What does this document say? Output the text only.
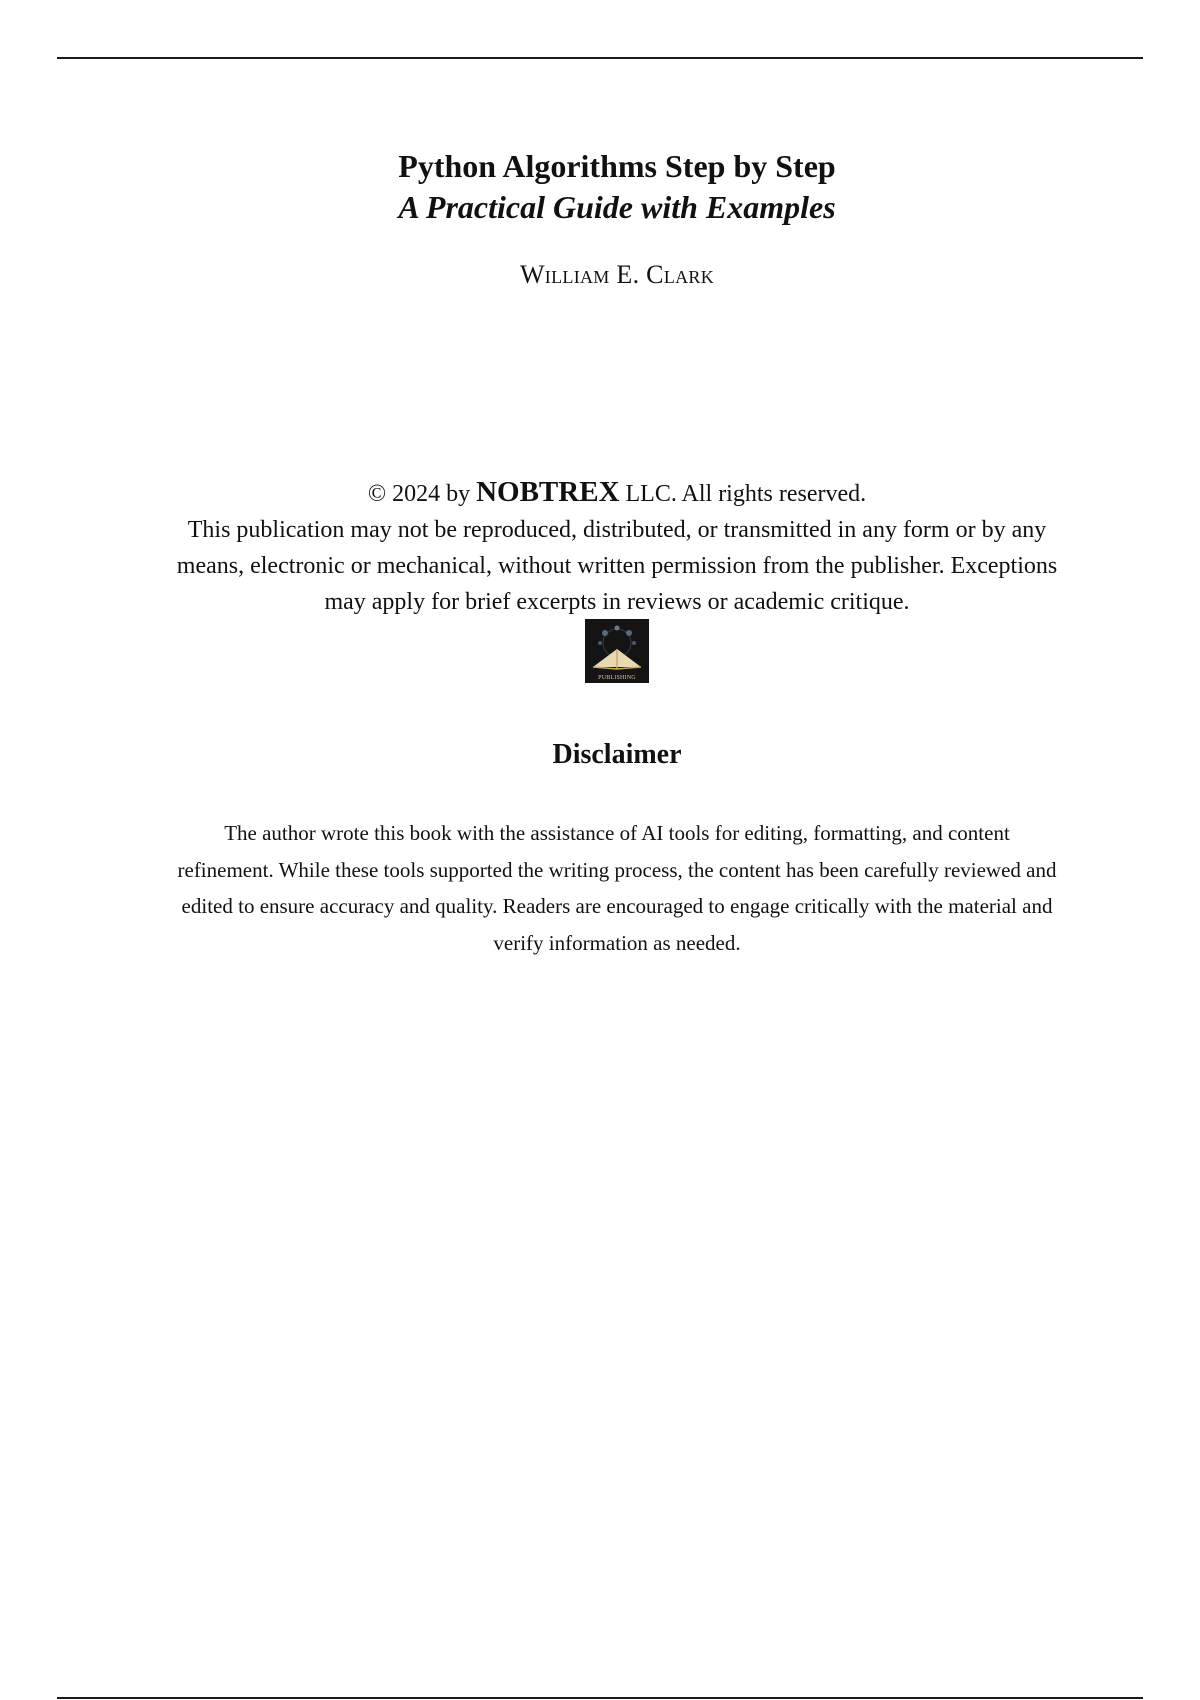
Python Algorithms Step by Step
A Practical Guide with Examples
William E. Clark
© 2024 by NOBTREX LLC. All rights reserved.
This publication may not be reproduced, distributed, or transmitted in any form or by any means, electronic or mechanical, without written permission from the publisher. Exceptions may apply for brief excerpts in reviews or academic critique.
PUBLISHING
Disclaimer

The author wrote this book with the assistance of AI tools for editing, formatting, and content refinement. While these tools supported the writing process, the content has been carefully reviewed and edited to ensure accuracy and quality. Readers are encouraged to engage critically with the material and verify information as needed.
